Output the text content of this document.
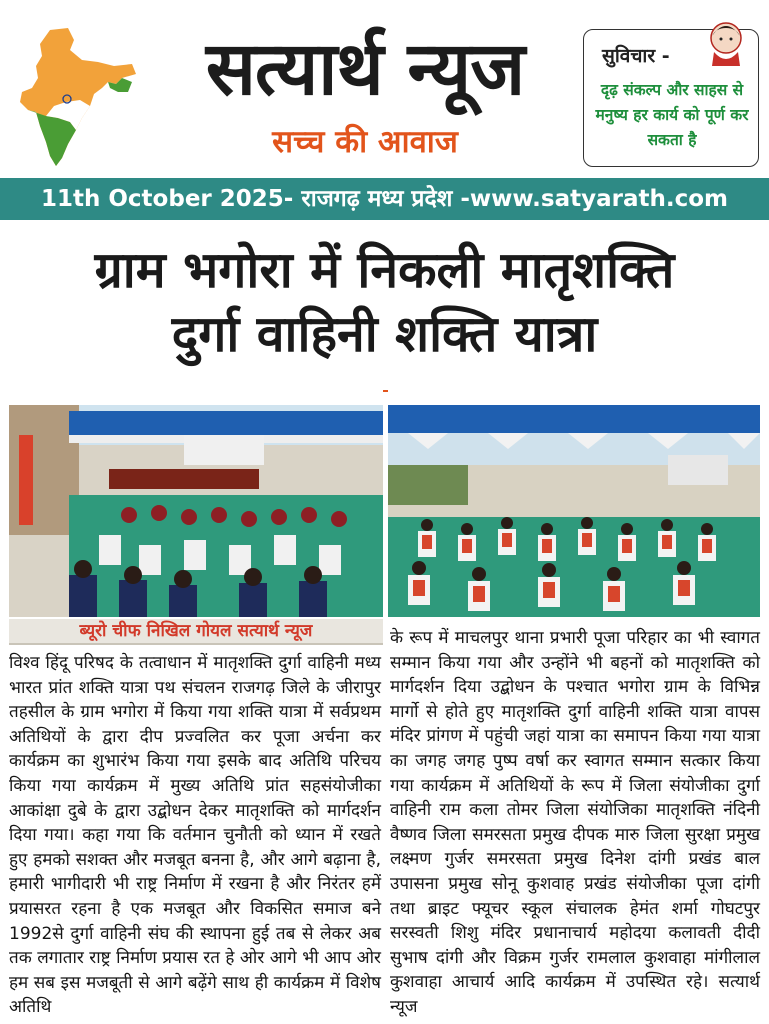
सत्यार्थ न्यूज
सच्च की आवाज
सुविचार -
दृढ़ संकल्प और साहस से मनुष्य हर कार्य को पूर्ण कर सकता है
11th October 2025- राजगढ़ मध्य प्रदेश -www.satyarath.com
ग्राम भगोरा में निकली मातृशक्ति
दुर्गा वाहिनी शक्ति यात्रा
ब्यूरो चीफ निखिल गोयल सत्यार्थ न्यूज
विश्व हिंदू परिषद के तत्वाधान में मातृशक्ति दुर्गा वाहिनी मध्य भारत प्रांत शक्ति यात्रा पथ संचलन राजगढ़ जिले के जीरापुर तहसील के ग्राम भगोरा में किया गया शक्ति यात्रा में सर्वप्रथम अतिथियों के द्वारा दीप प्रज्वलित कर पूजा अर्चना कर कार्यक्रम का शुभारंभ किया गया इसके बाद अतिथि परिचय किया गया कार्यक्रम में मुख्य अतिथि प्रांत सहसंयोजीका आकांक्षा दुबे के द्वारा उद्बोधन देकर मातृशक्ति को मार्गदर्शन दिया गया। कहा गया कि वर्तमान चुनौती को ध्यान में रखते हुए हमको सशक्त और मजबूत बनना है, और आगे बढ़ाना है, हमारी भागीदारी भी राष्ट्र निर्माण में रखना है और निरंतर हमें प्रयासरत रहना है एक मजबूत और विकसित समाज बने 1992से दुर्गा वाहिनी संघ की स्थापना हुई तब से लेकर अब तक लगातार राष्ट्र निर्माण प्रयास रत हे ओर आगे भी आप ओर हम सब इस मजबूती से आगे बढ़ेंगे साथ ही कार्यक्रम में विशेष अतिथि
के रूप में माचलपुर थाना प्रभारी पूजा परिहार का भी स्वागत सम्मान किया गया और उन्होंने भी बहनों को मातृशक्ति को मार्गदर्शन दिया उद्बोधन के पश्चात भगोरा ग्राम के विभिन्न मार्गो से होते हुए मातृशक्ति दुर्गा वाहिनी शक्ति यात्रा वापस मंदिर प्रांगण में पहुंची जहां यात्रा का समापन किया गया यात्रा का जगह जगह पुष्प वर्षा कर स्वागत सम्मान सत्कार किया गया कार्यक्रम में अतिथियों के रूप में जिला संयोजीका दुर्गा वाहिनी राम कला तोमर जिला संयोजिका मातृशक्ति नंदिनी वैष्णव जिला समरसता प्रमुख दीपक मारु जिला सुरक्षा प्रमुख लक्ष्मण गुर्जर समरसता प्रमुख दिनेश दांगी प्रखंड बाल उपासना प्रमुख सोनू कुशवाह प्रखंड संयोजीका पूजा दांगी तथा ब्राइट फ्यूचर स्कूल संचालक हेमंत शर्मा गोघटपुर सरस्वती शिशु मंदिर प्रधानाचार्य महोदया कलावती दीदी सुभाष दांगी और विक्रम गुर्जर रामलाल कुशवाहा मांगीलाल कुशवाहा आचार्य आदि कार्यक्रम में उपस्थित रहे। सत्यार्थ न्यूज
